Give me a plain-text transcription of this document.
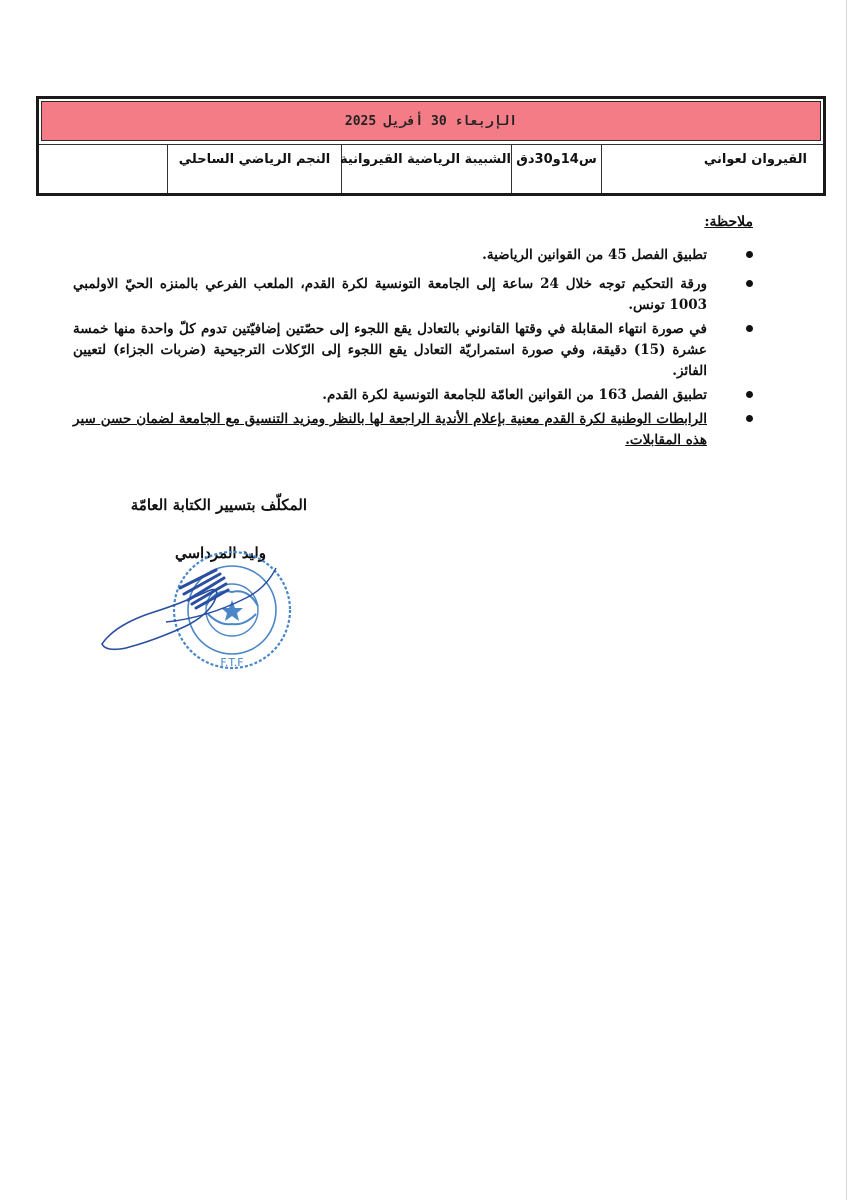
الإربعاء 30 أفريل 2025
القيروان لعواني
س14و30دق
الشبيبة الرياضية القيروانية
النجم الرياضي الساحلي
ملاحظة:
تطبيق الفصل 45 من القوانين الرياضية.
ورقة التحكيم توجه خلال 24 ساعة إلى الجامعة التونسية لكرة القدم، الملعب الفرعي بالمنزه الحيّ الاولمبي 1003 تونس.
في صورة انتهاء المقابلة في وقتها القانوني بالتعادل يقع اللجوء إلى حصّتين إضافيّتين تدوم كلّ واحدة منها خمسة عشرة (15) دقيقة، وفي صورة استمراريّة التعادل يقع اللجوء إلى الرّكلات الترجيحية (ضربات الجزاء) لتعيين الفائز.
تطبيق الفصل 163 من القوانين العامّة للجامعة التونسية لكرة القدم.
الرابطات الوطنية لكرة القدم معنية بإعلام الأندية الراجعة لها بالنظر ومزيد التنسيق مع الجامعة لضمان حسن سير هذه المقابلات.
المكلّف بتسيير الكتابة العامّة
وليد المرداسي
F.T.F
